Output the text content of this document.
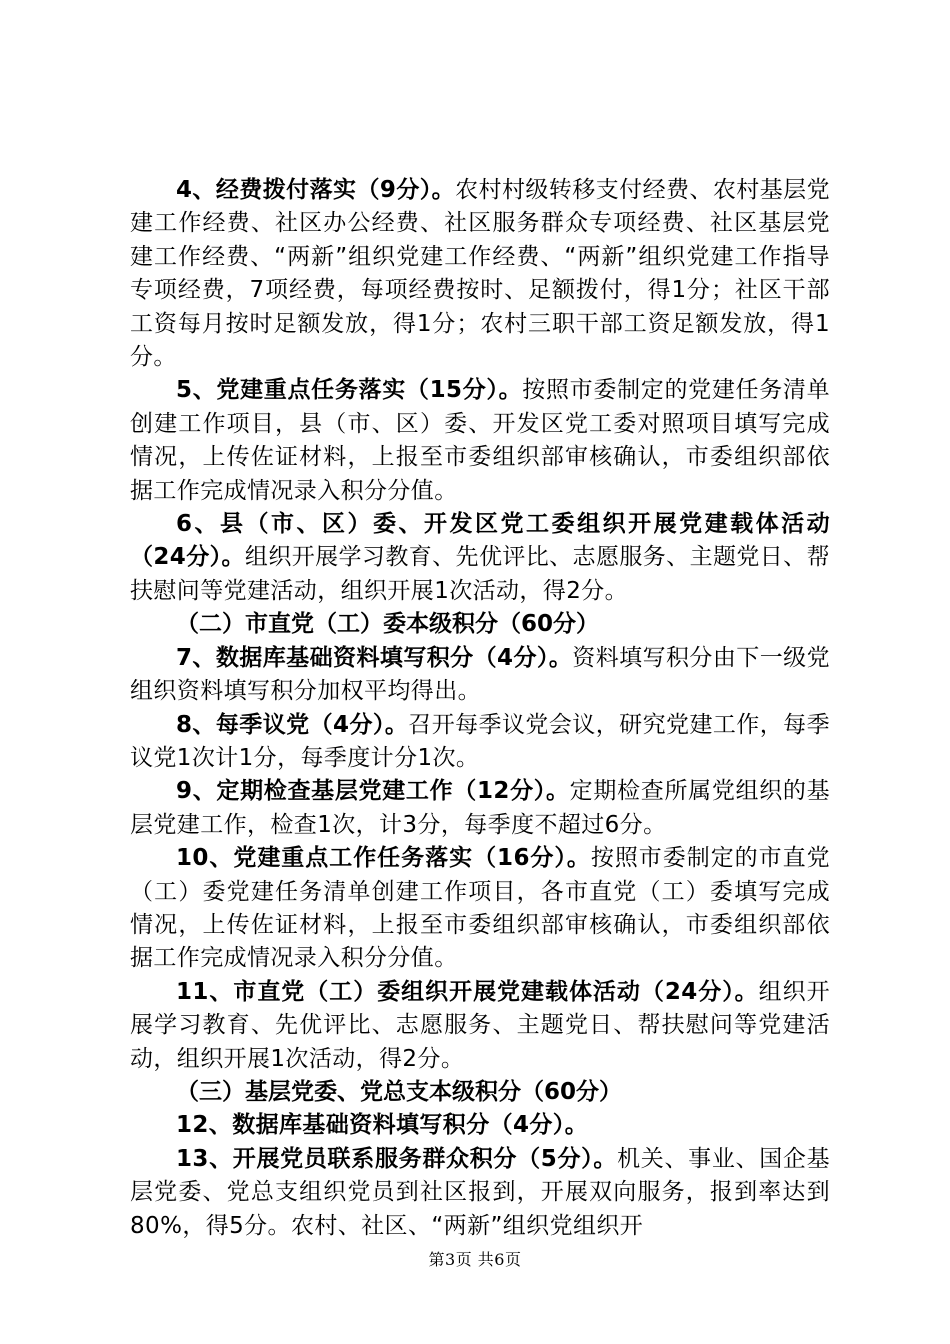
4、经费拨付落实（9分）。农村村级转移支付经费、农村基层党建工作经费、社区办公经费、社区服务群众专项经费、社区基层党建工作经费、“两新”组织党建工作经费、“两新”组织党建工作指导专项经费，7项经费，每项经费按时、足额拨付，得1分；社区干部工资每月按时足额发放，得1分；农村三职干部工资足额发放，得1分。

5、党建重点任务落实（15分）。按照市委制定的党建任务清单创建工作项目，县（市、区）委、开发区党工委对照项目填写完成情况，上传佐证材料，上报至市委组织部审核确认，市委组织部依据工作完成情况录入积分分值。

6、县（市、区）委、开发区党工委组织开展党建载体活动（24分）。组织开展学习教育、先优评比、志愿服务、主题党日、帮扶慰问等党建活动，组织开展1次活动，得2分。

（二）市直党（工）委本级积分（60分）

7、数据库基础资料填写积分（4分）。资料填写积分由下一级党组织资料填写积分加权平均得出。

8、每季议党（4分）。召开每季议党会议，研究党建工作，每季议党1次计1分，每季度计分1次。

9、定期检查基层党建工作（12分）。定期检查所属党组织的基层党建工作，检查1次，计3分，每季度不超过6分。

10、党建重点工作任务落实（16分）。按照市委制定的市直党（工）委党建任务清单创建工作项目，各市直党（工）委填写完成情况，上传佐证材料，上报至市委组织部审核确认，市委组织部依据工作完成情况录入积分分值。

11、市直党（工）委组织开展党建载体活动（24分）。组织开展学习教育、先优评比、志愿服务、主题党日、帮扶慰问等党建活动，组织开展1次活动，得2分。

（三）基层党委、党总支本级积分（60分）

12、数据库基础资料填写积分（4分）。

13、开展党员联系服务群众积分（5分）。机关、事业、国企基层党委、党总支组织党员到社区报到，开展双向服务，报到率达到80%，得5分。农村、社区、“两新”组织党组织开

第3页 共6页
